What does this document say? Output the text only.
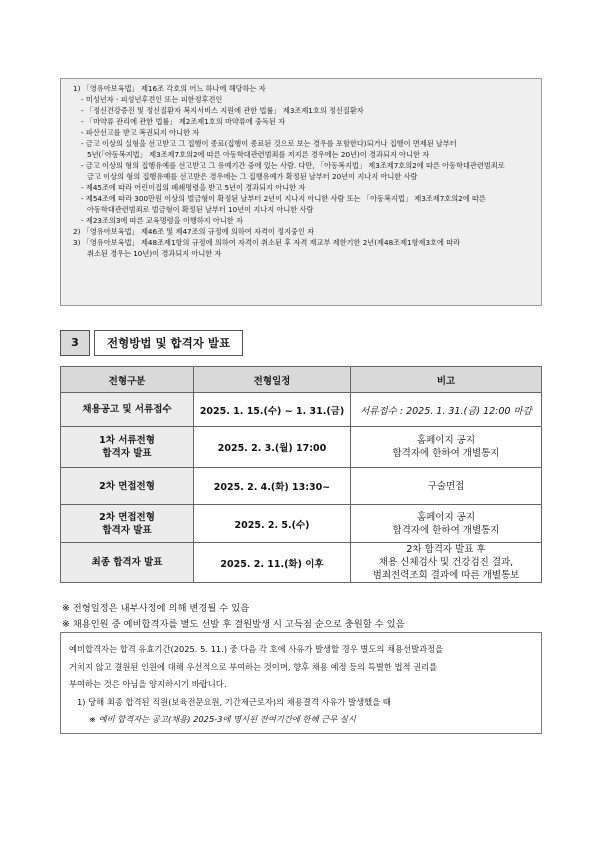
1) 「영유아보육법」 제16조 각호의 어느 하나에 해당하는 자
- 미성년자ㆍ피성년후견인 또는 피한정후견인
- 「정신건강증진 및 정신질환자 복지서비스 지원에 관한 법률」 제3조제1호의 정신질환자
- 「마약류 관리에 관한 법률」 제2조제1호의 마약류에 중독된 자
- 파산선고를 받고 복권되지 아니한 자
- 금고 이상의 실형을 선고받고 그 집행이 종료(집행이 종료된 것으로 보는 경우를 포함한다)되거나 집행이 면제된 날부터
5년(「아동복지법」 제3조제7호의2에 따른 아동학대관련범죄를 저지른 경우에는 20년)이 경과되지 아니한 자
- 금고 이상의 형의 집행유예를 선고받고 그 유예기간 중에 있는 사람. 다만, 「아동복지법」 제3조제7호의2에 따른 아동학대관련범죄로
금고 이상의 형의 집행유예를 선고받은 경우에는 그 집행유예가 확정된 날부터 20년이 지나지 아니한 사람
- 제45조에 따라 어린이집의 폐쇄명령을 받고 5년이 경과되지 아니한 자
- 제54조에 따라 300만원 이상의 벌금형이 확정된 날부터 2년이 지나지 아니한 사람 또는 「아동복지법」 제3조제7호의2에 따른
아동학대관련범죄로 벌금형이 확정된 날부터 10년이 지나지 아니한 사람
- 제23조의3에 따른 교육명령을 이행하지 아니한 자
2) 「영유아보육법」 제46조 및 제47조의 규정에 의하여 자격이 정지중인 자
3) 「영유아보육법」 제48조제1항의 규정에 의하여 자격이 취소된 후 자격 재교부 제한기한 2년(제48조제1항제3호에 따라
취소된 경우는 10년)이 경과되지 아니한 자
3	전형방법 및 합격자 발표
전형구분	전형일정	비고

채용공고 및 서류접수	2025. 1. 15.(수) ~ 1. 31.(금)	서류접수 : 2025. 1. 31.(금) 12:00 마감

1차 서류전형
합격자 발표	2025. 2. 3.(월) 17:00	홈페이지 공지
합격자에 한하여 개별통지

2차 면접전형	2025. 2. 4.(화) 13:30~	구술면접

2차 면접전형
합격자 발표	2025. 2. 5.(수)	홈페이지 공지
합격자에 한하여 개별통지

최종 합격자 발표	2025. 2. 11.(화) 이후	2차 합격자 발표 후
채용 신체검사 및 건강검진 결과,
범죄전력조회 결과에 따른 개별통보
※ 전형일정은 내부사정에 의해 변경될 수 있음
※ 채용인원 중 예비합격자를 별도 선발 후 결원발생 시 고득점 순으로 충원할 수 있음
예비합격자는 합격 유효기간(2025. 5. 11.) 중 다음 각 호에 사유가 발생할 경우 별도의 채용선발과정을
거치지 않고 결원된 인원에 대해 우선적으로 부여하는 것이며, 향후 채용 예정 등의 특별한 법적 권리를
부여하는 것은 아님을 양지하시기 바랍니다.
1) 당해 최종 합격된 직원(보육전문요원, 기간제근로자)의 채용결격 사유가 발생했을 때
※ 예비 합격자는 공고(채용) 2025-3에 명시된 잔여기간에 한해 근무 실시
